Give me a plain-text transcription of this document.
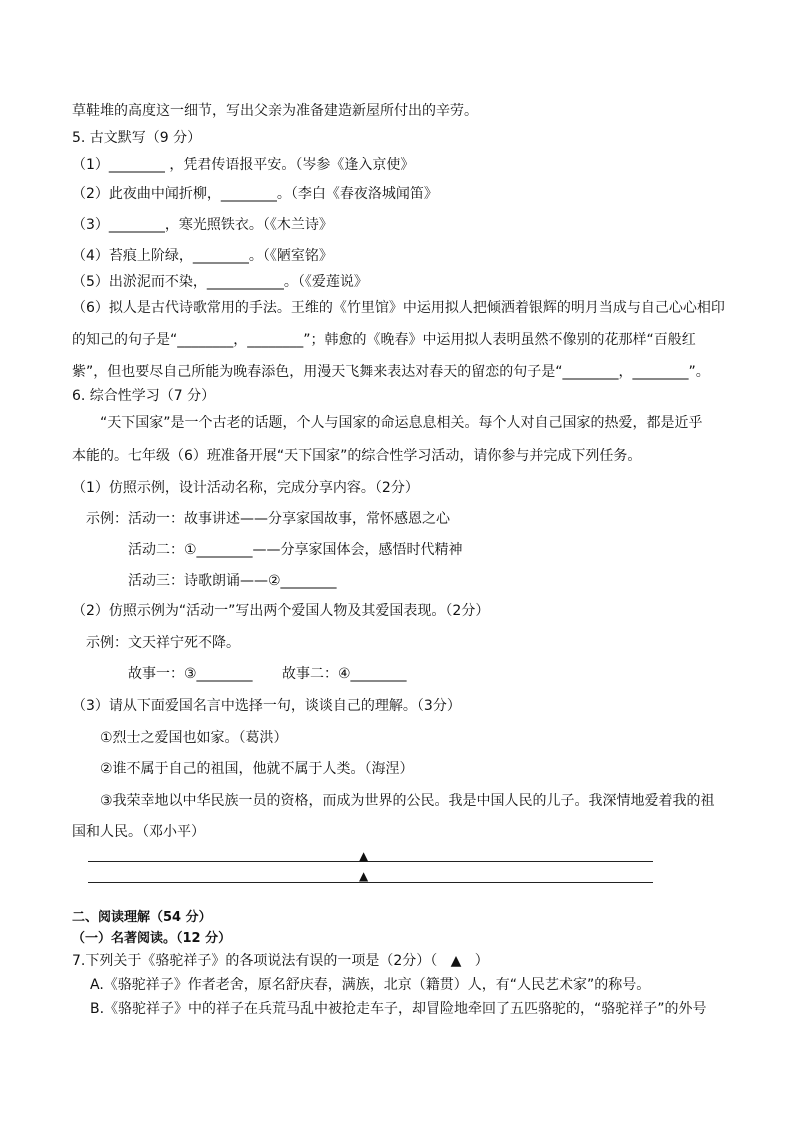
草鞋堆的高度这一细节，写出父亲为准备建造新屋所付出的辛劳。
5. 古文默写（9 分）
（1）________ ，凭君传语报平安。（岑参《逢入京使》
（2）此夜曲中闻折柳，________。（李白《春夜洛城闻笛》
（3）________，寒光照铁衣。（《木兰诗》
（4）苔痕上阶绿，________。（《陋室铭》
（5）出淤泥而不染，___________。（《爱莲说》
（6）拟人是古代诗歌常用的手法。王维的《竹里馆》中运用拟人把倾洒着银辉的明月当成与自己心心相印
的知己的句子是“________，________”；韩愈的《晚春》中运用拟人表明虽然不像别的花那样“百般红
紫”，但也要尽自己所能为晚春添色，用漫天飞舞来表达对春天的留恋的句子是“________，________”。
6. 综合性学习（7 分）
“天下国家”是一个古老的话题，个人与国家的命运息息相关。每个人对自己国家的热爱，都是近乎
本能的。七年级（6）班准备开展“天下国家”的综合性学习活动，请你参与并完成下列任务。
（1）仿照示例，设计活动名称，完成分享内容。（2分）
示例：活动一：故事讲述——分享家国故事，常怀感恩之心
活动二：①________——分享家国体会，感悟时代精神
活动三：诗歌朗诵——②________
（2）仿照示例为“活动一”写出两个爱国人物及其爱国表现。（2分）
示例：文天祥宁死不降。
故事一：③________ 故事二：④________
（3）请从下面爱国名言中选择一句，谈谈自己的理解。（3分）
①烈士之爱国也如家。（葛洪）
②谁不属于自己的祖国，他就不属于人类。（海涅）
③我荣幸地以中华民族一员的资格，而成为世界的公民。我是中国人民的儿子。我深情地爱着我的祖
国和人民。（邓小平）
▲
▲
二、阅读理解（54 分）
（一）名著阅读。（12 分）
7.下列关于《骆驼祥子》的各项说法有误的一项是（2分）（   ▲   ）
A.《骆驼祥子》作者老舍，原名舒庆春，满族，北京（籍贯）人，有“人民艺术家”的称号。
B.《骆驼祥子》中的祥子在兵荒马乱中被抢走车子，却冒险地牵回了五匹骆驼的，“骆驼祥子”的外号
